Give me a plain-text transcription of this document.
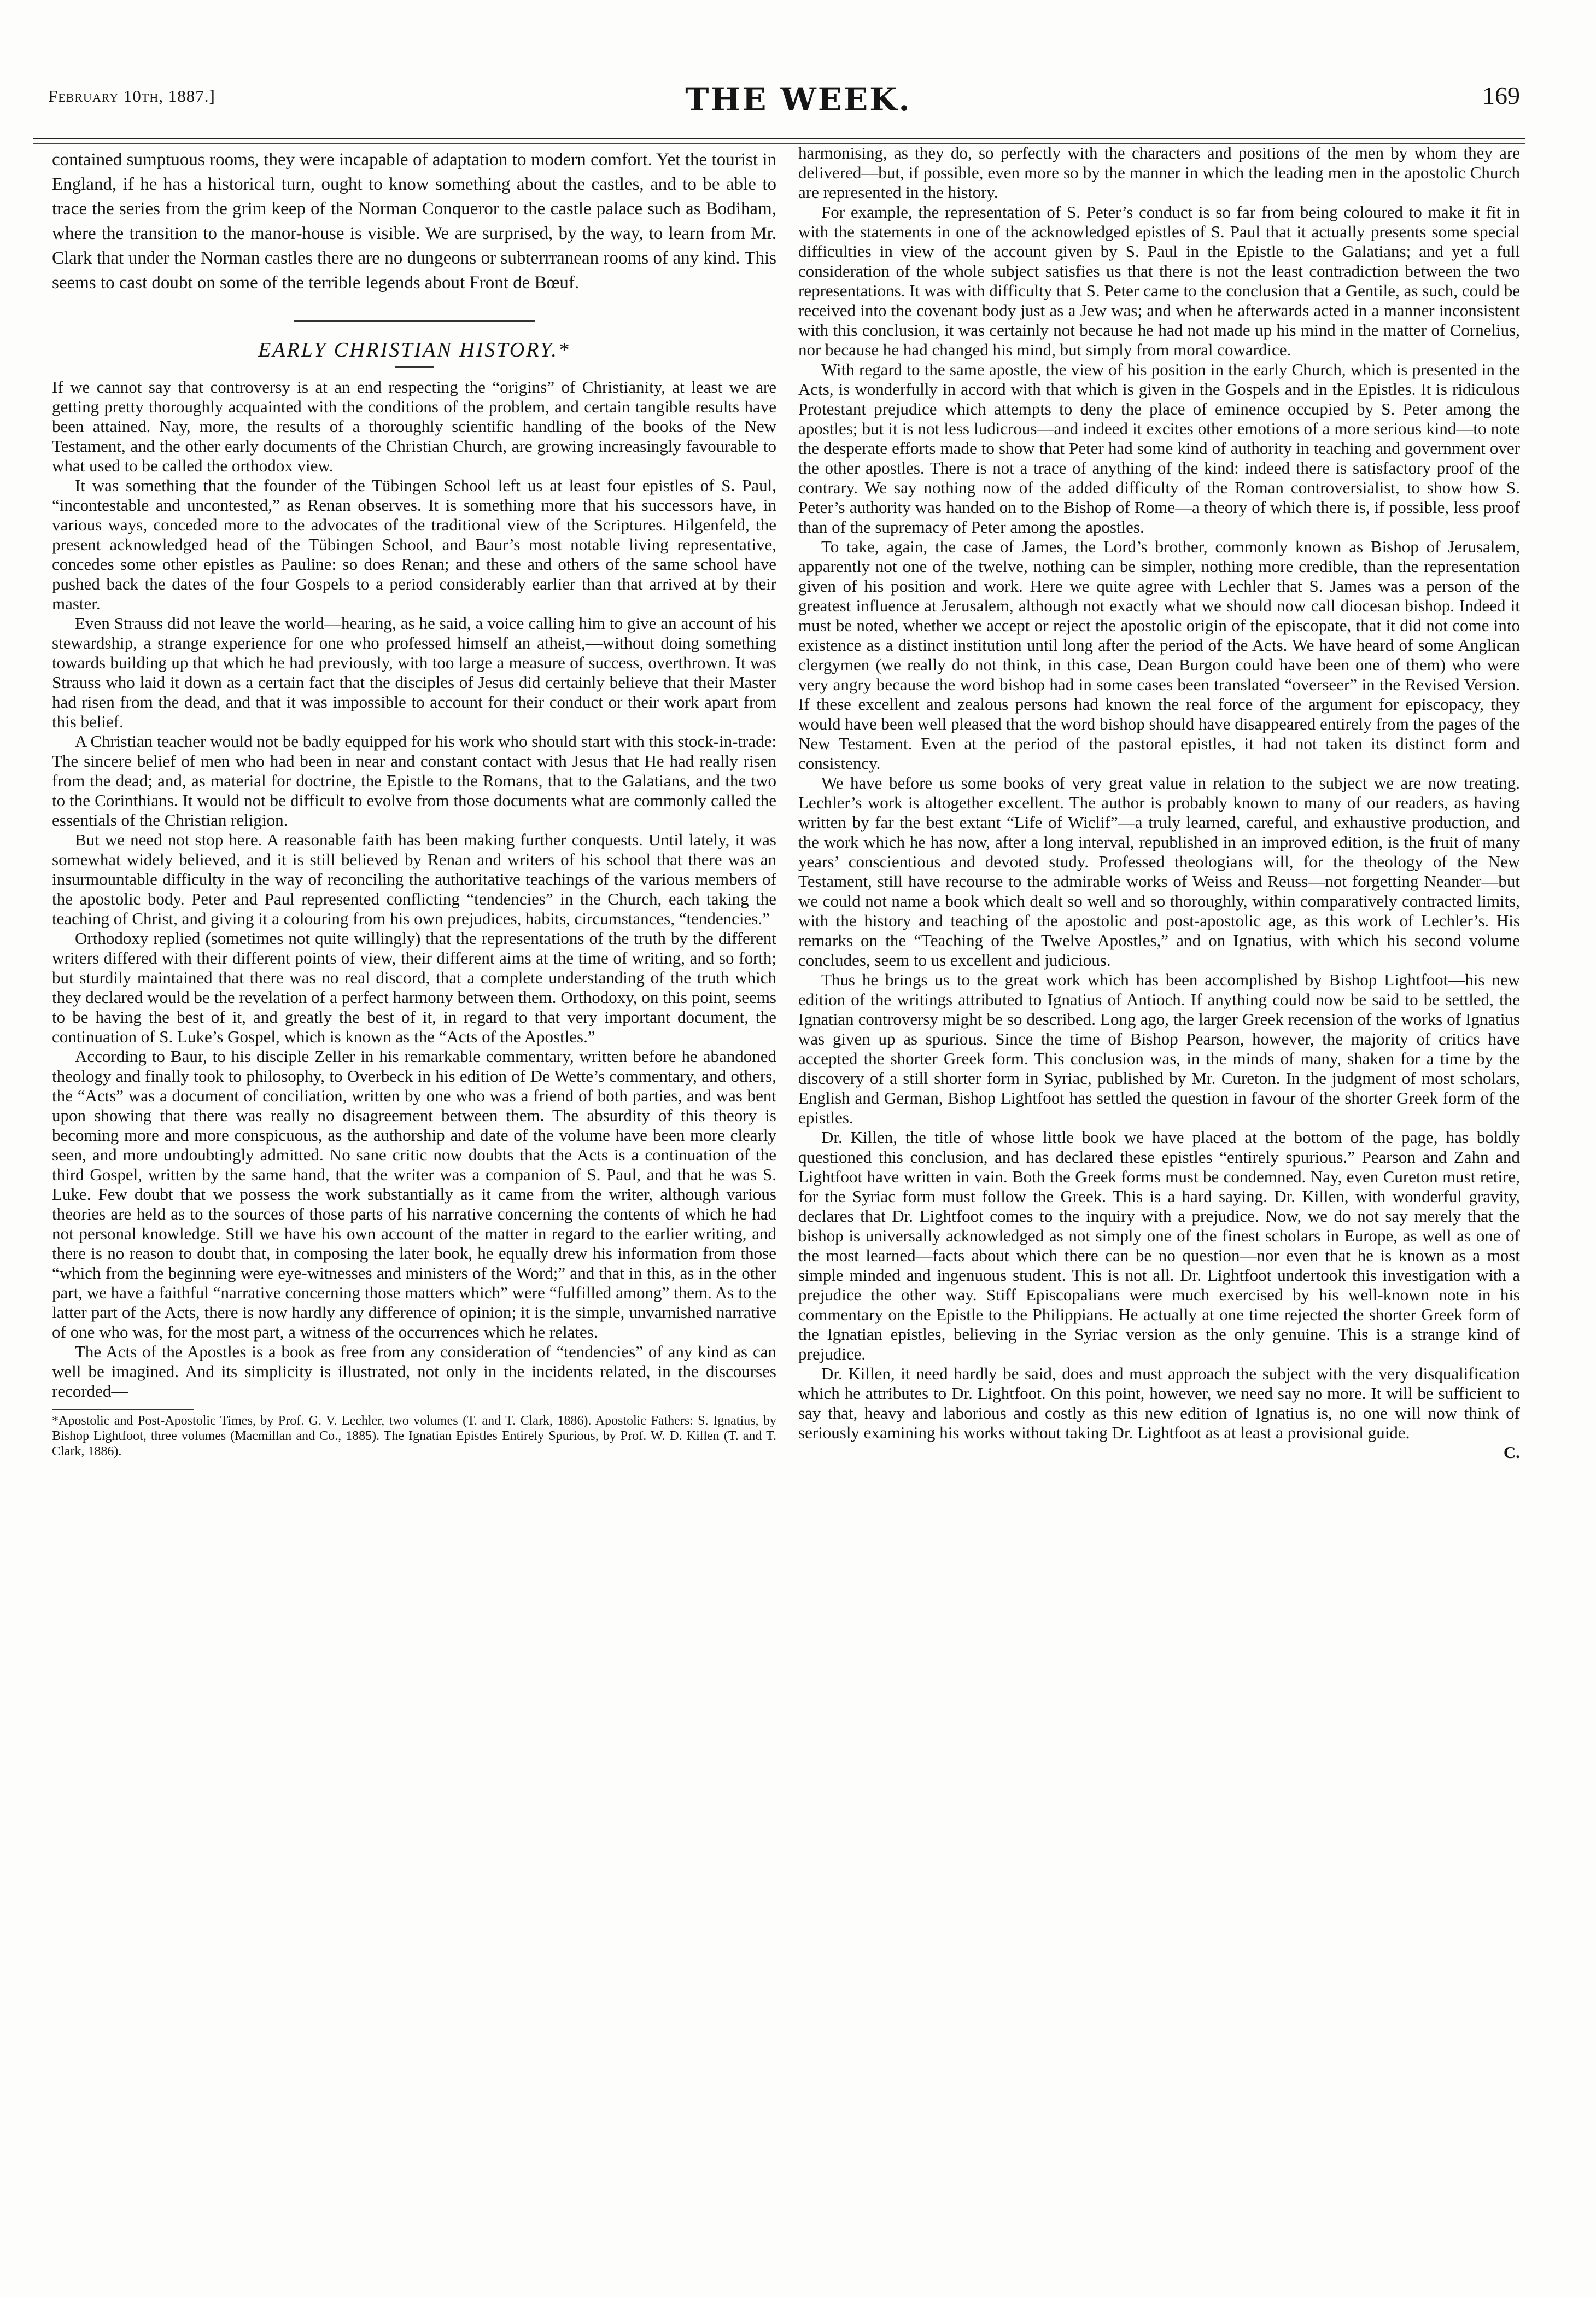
February 10th, 1887.]	THE WEEK.	169

contained sumptuous rooms, they were incapable of adaptation to modern comfort. Yet the tourist in England, if he has a historical turn, ought to know something about the castles, and to be able to trace the series from the grim keep of the Norman Conqueror to the castle palace such as Bodiham, where the transition to the manor-house is visible. We are surprised, by the way, to learn from Mr. Clark that under the Norman castles there are no dungeons or subterrranean rooms of any kind. This seems to cast doubt on some of the terrible legends about Front de Bœuf.

EARLY CHRISTIAN HISTORY.*

If we cannot say that controversy is at an end respecting the “origins” of Christianity, at least we are getting pretty thoroughly acquainted with the conditions of the problem, and certain tangible results have been attained. Nay, more, the results of a thoroughly scientific handling of the books of the New Testament, and the other early documents of the Christian Church, are growing increasingly favourable to what used to be called the orthodox view.

It was something that the founder of the Tübingen School left us at least four epistles of S. Paul, “incontestable and uncontested,” as Renan observes. It is something more that his successors have, in various ways, conceded more to the advocates of the traditional view of the Scriptures. Hilgenfeld, the present acknowledged head of the Tübingen School, and Baur’s most notable living representative, concedes some other epistles as Pauline: so does Renan; and these and others of the same school have pushed back the dates of the four Gospels to a period considerably earlier than that arrived at by their master.

Even Strauss did not leave the world—hearing, as he said, a voice calling him to give an account of his stewardship, a strange experience for one who professed himself an atheist,—without doing something towards building up that which he had previously, with too large a measure of success, overthrown. It was Strauss who laid it down as a certain fact that the disciples of Jesus did certainly believe that their Master had risen from the dead, and that it was impossible to account for their conduct or their work apart from this belief.

A Christian teacher would not be badly equipped for his work who should start with this stock-in-trade: The sincere belief of men who had been in near and constant contact with Jesus that He had really risen from the dead; and, as material for doctrine, the Epistle to the Romans, that to the Galatians, and the two to the Corinthians. It would not be difficult to evolve from those documents what are commonly called the essentials of the Christian religion.

But we need not stop here. A reasonable faith has been making further conquests. Until lately, it was somewhat widely believed, and it is still believed by Renan and writers of his school that there was an insurmountable difficulty in the way of reconciling the authoritative teachings of the various members of the apostolic body. Peter and Paul represented conflicting “tendencies” in the Church, each taking the teaching of Christ, and giving it a colouring from his own prejudices, habits, circumstances, “tendencies.”

Orthodoxy replied (sometimes not quite willingly) that the representations of the truth by the different writers differed with their different points of view, their different aims at the time of writing, and so forth; but sturdily maintained that there was no real discord, that a complete understanding of the truth which they declared would be the revelation of a perfect harmony between them. Orthodoxy, on this point, seems to be having the best of it, and greatly the best of it, in regard to that very important document, the continuation of S. Luke’s Gospel, which is known as the “Acts of the Apostles.”

According to Baur, to his disciple Zeller in his remarkable commentary, written before he abandoned theology and finally took to philosophy, to Overbeck in his edition of De Wette’s commentary, and others, the “Acts” was a document of conciliation, written by one who was a friend of both parties, and was bent upon showing that there was really no disagreement between them. The absurdity of this theory is becoming more and more conspicuous, as the authorship and date of the volume have been more clearly seen, and more undoubtingly admitted. No sane critic now doubts that the Acts is a continuation of the third Gospel, written by the same hand, that the writer was a companion of S. Paul, and that he was S. Luke. Few doubt that we possess the work substantially as it came from the writer, although various theories are held as to the sources of those parts of his narrative concerning the contents of which he had not personal knowledge. Still we have his own account of the matter in regard to the earlier writing, and there is no reason to doubt that, in composing the later book, he equally drew his information from those “which from the beginning were eye-witnesses and ministers of the Word;” and that in this, as in the other part, we have a faithful “narrative concerning those matters which” were “fulfilled among” them. As to the latter part of the Acts, there is now hardly any difference of opinion; it is the simple, unvarnished narrative of one who was, for the most part, a witness of the occurrences which he relates.

The Acts of the Apostles is a book as free from any consideration of “tendencies” of any kind as can well be imagined. And its simplicity is illustrated, not only in the incidents related, in the discourses recorded—

*Apostolic and Post-Apostolic Times, by Prof. G. V. Lechler, two volumes (T. and T. Clark, 1886). Apostolic Fathers: S. Ignatius, by Bishop Lightfoot, three volumes (Macmillan and Co., 1885). The Ignatian Epistles Entirely Spurious, by Prof. W. D. Killen (T. and T. Clark, 1886).

harmonising, as they do, so perfectly with the characters and positions of the men by whom they are delivered—but, if possible, even more so by the manner in which the leading men in the apostolic Church are represented in the history.

For example, the representation of S. Peter’s conduct is so far from being coloured to make it fit in with the statements in one of the acknowledged epistles of S. Paul that it actually presents some special difficulties in view of the account given by S. Paul in the Epistle to the Galatians; and yet a full consideration of the whole subject satisfies us that there is not the least contradiction between the two representations. It was with difficulty that S. Peter came to the conclusion that a Gentile, as such, could be received into the covenant body just as a Jew was; and when he afterwards acted in a manner inconsistent with this conclusion, it was certainly not because he had not made up his mind in the matter of Cornelius, nor because he had changed his mind, but simply from moral cowardice.

With regard to the same apostle, the view of his position in the early Church, which is presented in the Acts, is wonderfully in accord with that which is given in the Gospels and in the Epistles. It is ridiculous Protestant prejudice which attempts to deny the place of eminence occupied by S. Peter among the apostles; but it is not less ludicrous—and indeed it excites other emotions of a more serious kind—to note the desperate efforts made to show that Peter had some kind of authority in teaching and government over the other apostles. There is not a trace of anything of the kind: indeed there is satisfactory proof of the contrary. We say nothing now of the added difficulty of the Roman controversialist, to show how S. Peter’s authority was handed on to the Bishop of Rome—a theory of which there is, if possible, less proof than of the supremacy of Peter among the apostles.

To take, again, the case of James, the Lord’s brother, commonly known as Bishop of Jerusalem, apparently not one of the twelve, nothing can be simpler, nothing more credible, than the representation given of his position and work. Here we quite agree with Lechler that S. James was a person of the greatest influence at Jerusalem, although not exactly what we should now call diocesan bishop. Indeed it must be noted, whether we accept or reject the apostolic origin of the episcopate, that it did not come into existence as a distinct institution until long after the period of the Acts. We have heard of some Anglican clergymen (we really do not think, in this case, Dean Burgon could have been one of them) who were very angry because the word bishop had in some cases been translated “overseer” in the Revised Version. If these excellent and zealous persons had known the real force of the argument for episcopacy, they would have been well pleased that the word bishop should have disappeared entirely from the pages of the New Testament. Even at the period of the pastoral epistles, it had not taken its distinct form and consistency.

We have before us some books of very great value in relation to the subject we are now treating. Lechler’s work is altogether excellent. The author is probably known to many of our readers, as having written by far the best extant “Life of Wiclif”—a truly learned, careful, and exhaustive production, and the work which he has now, after a long interval, republished in an improved edition, is the fruit of many years’ conscientious and devoted study. Professed theologians will, for the theology of the New Testament, still have recourse to the admirable works of Weiss and Reuss—not forgetting Neander—but we could not name a book which dealt so well and so thoroughly, within comparatively contracted limits, with the history and teaching of the apostolic and post-apostolic age, as this work of Lechler’s. His remarks on the “Teaching of the Twelve Apostles,” and on Ignatius, with which his second volume concludes, seem to us excellent and judicious.

Thus he brings us to the great work which has been accomplished by Bishop Lightfoot—his new edition of the writings attributed to Ignatius of Antioch. If anything could now be said to be settled, the Ignatian controversy might be so described. Long ago, the larger Greek recension of the works of Ignatius was given up as spurious. Since the time of Bishop Pearson, however, the majority of critics have accepted the shorter Greek form. This conclusion was, in the minds of many, shaken for a time by the discovery of a still shorter form in Syriac, published by Mr. Cureton. In the judgment of most scholars, English and German, Bishop Lightfoot has settled the question in favour of the shorter Greek form of the epistles.

Dr. Killen, the title of whose little book we have placed at the bottom of the page, has boldly questioned this conclusion, and has declared these epistles “entirely spurious.” Pearson and Zahn and Lightfoot have written in vain. Both the Greek forms must be condemned. Nay, even Cureton must retire, for the Syriac form must follow the Greek. This is a hard saying. Dr. Killen, with wonderful gravity, declares that Dr. Lightfoot comes to the inquiry with a prejudice. Now, we do not say merely that the bishop is universally acknowledged as not simply one of the finest scholars in Europe, as well as one of the most learned—facts about which there can be no question—nor even that he is known as a most simple minded and ingenuous student. This is not all. Dr. Lightfoot undertook this investigation with a prejudice the other way. Stiff Episcopalians were much exercised by his well-known note in his commentary on the Epistle to the Philippians. He actually at one time rejected the shorter Greek form of the Ignatian epistles, believing in the Syriac version as the only genuine. This is a strange kind of prejudice.

Dr. Killen, it need hardly be said, does and must approach the subject with the very disqualification which he attributes to Dr. Lightfoot. On this point, however, we need say no more. It will be sufficient to say that, heavy and laborious and costly as this new edition of Ignatius is, no one will now think of seriously examining his works without taking Dr. Lightfoot as at least a provisional guide.

C.
